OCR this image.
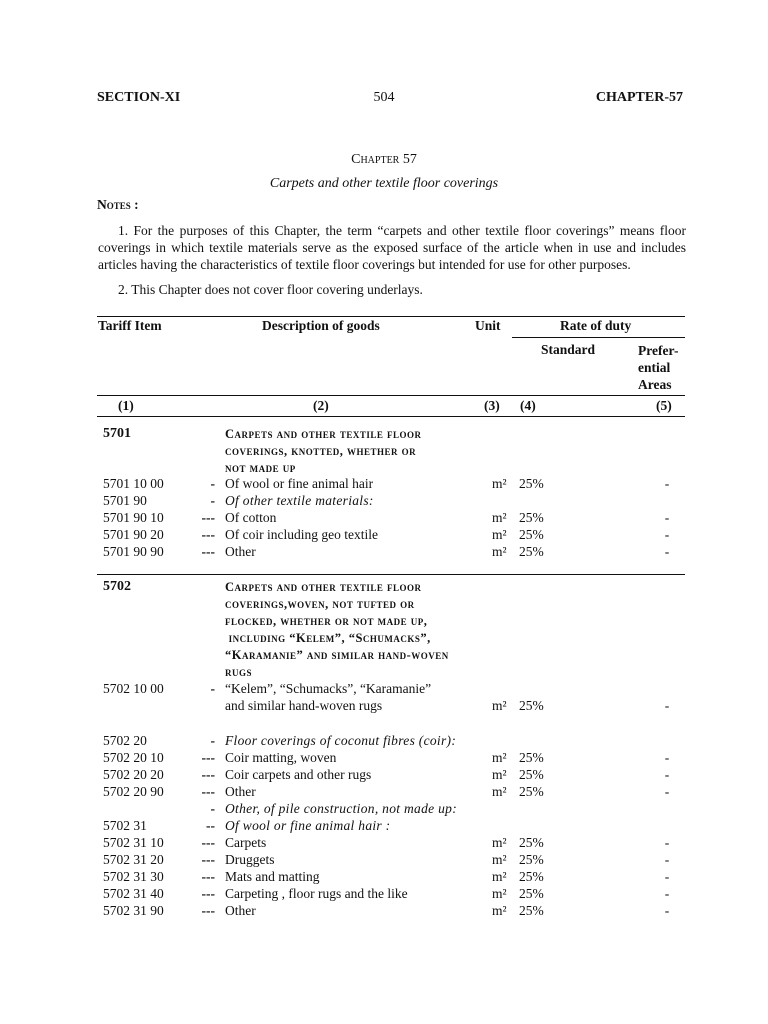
SECTION-XI	504	CHAPTER-57
Chapter 57
Carpets and other textile floor coverings
Notes :
1. For the purposes of this Chapter, the term “carpets and other textile floor coverings” means floor coverings in which textile materials serve as the exposed surface of the article when in use and includes articles having the characteristics of textile floor coverings but intended for use for other purposes.
2. This Chapter does not cover floor covering underlays.
Tariff Item	Description of goods	Unit	Rate of duty
Standard	Prefer-
ential
Areas
(1)	(2)	(3) (4)	(5)
5701	Carpets and other textile floor
coverings, knotted, whether or
not made up
5701 10 00	- Of wool or fine animal hair	m² 25%	-
5701 90	- Of other textile materials:
5701 90 10	--- Of cotton	m² 25%	-
5701 90 20	--- Of coir including geo textile	m² 25%	-
5701 90 90	--- Other	m² 25%	-
5702	Carpets and other textile floor
coverings,woven, not tufted or
flocked, whether or not made up,
including “Kelem”, “Schumacks”,
“Karamanie” and similar hand-woven
rugs
5702 10 00	- “Kelem”, “Schumacks”, “Karamanie”
and similar hand-woven rugs	m² 25%	-
5702 20	- Floor coverings of coconut fibres (coir):
5702 20 10	--- Coir matting, woven	m² 25%	-
5702 20 20	--- Coir carpets and other rugs	m² 25%	-
5702 20 90	--- Other	m² 25%	-
- Other, of pile construction, not made up:
5702 31	-- Of wool or fine animal hair :
5702 31 10	--- Carpets	m² 25%	-
5702 31 20	--- Druggets	m² 25%	-
5702 31 30	--- Mats and matting	m² 25%	-
5702 31 40	--- Carpeting , floor rugs and the like	m² 25%	-
5702 31 90	--- Other	m² 25%	-
